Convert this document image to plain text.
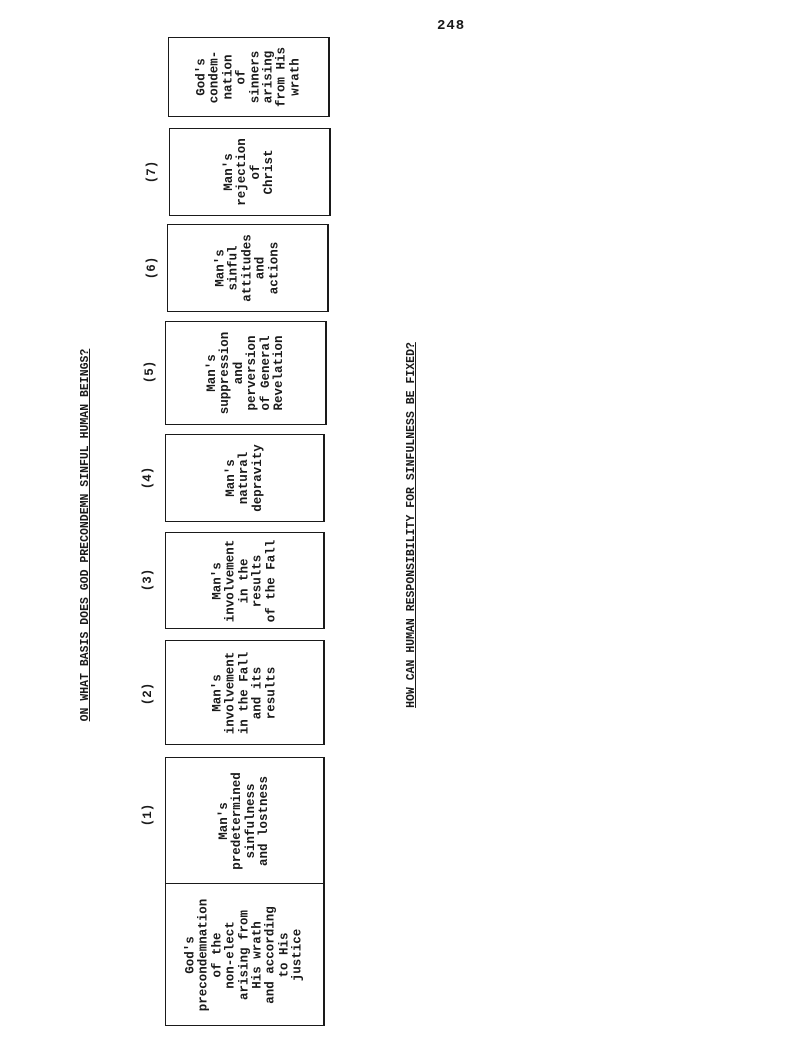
248
ON WHAT BASIS DOES GOD PRECONDEMN SINFUL HUMAN BEINGS?	HOW CAN HUMAN RESPONSIBILITY FOR SINFULNESS BE FIXED?
God's precondemnation of the non-elect arising from His wrath and according to His justice
Man's predetermined sinfulness and lostness
(1)
Man's involvement in the Fall and its results
(2)
Man's involvement in the results of the Fall
(3)
Man's natural depravity
(4)
Man's suppression and perversion of General Revelation
(5)
Man's sinful attitudes and actions
(6)
Man's rejection of Christ
(7)
God's condem- nation of sinners arising from His wrath
